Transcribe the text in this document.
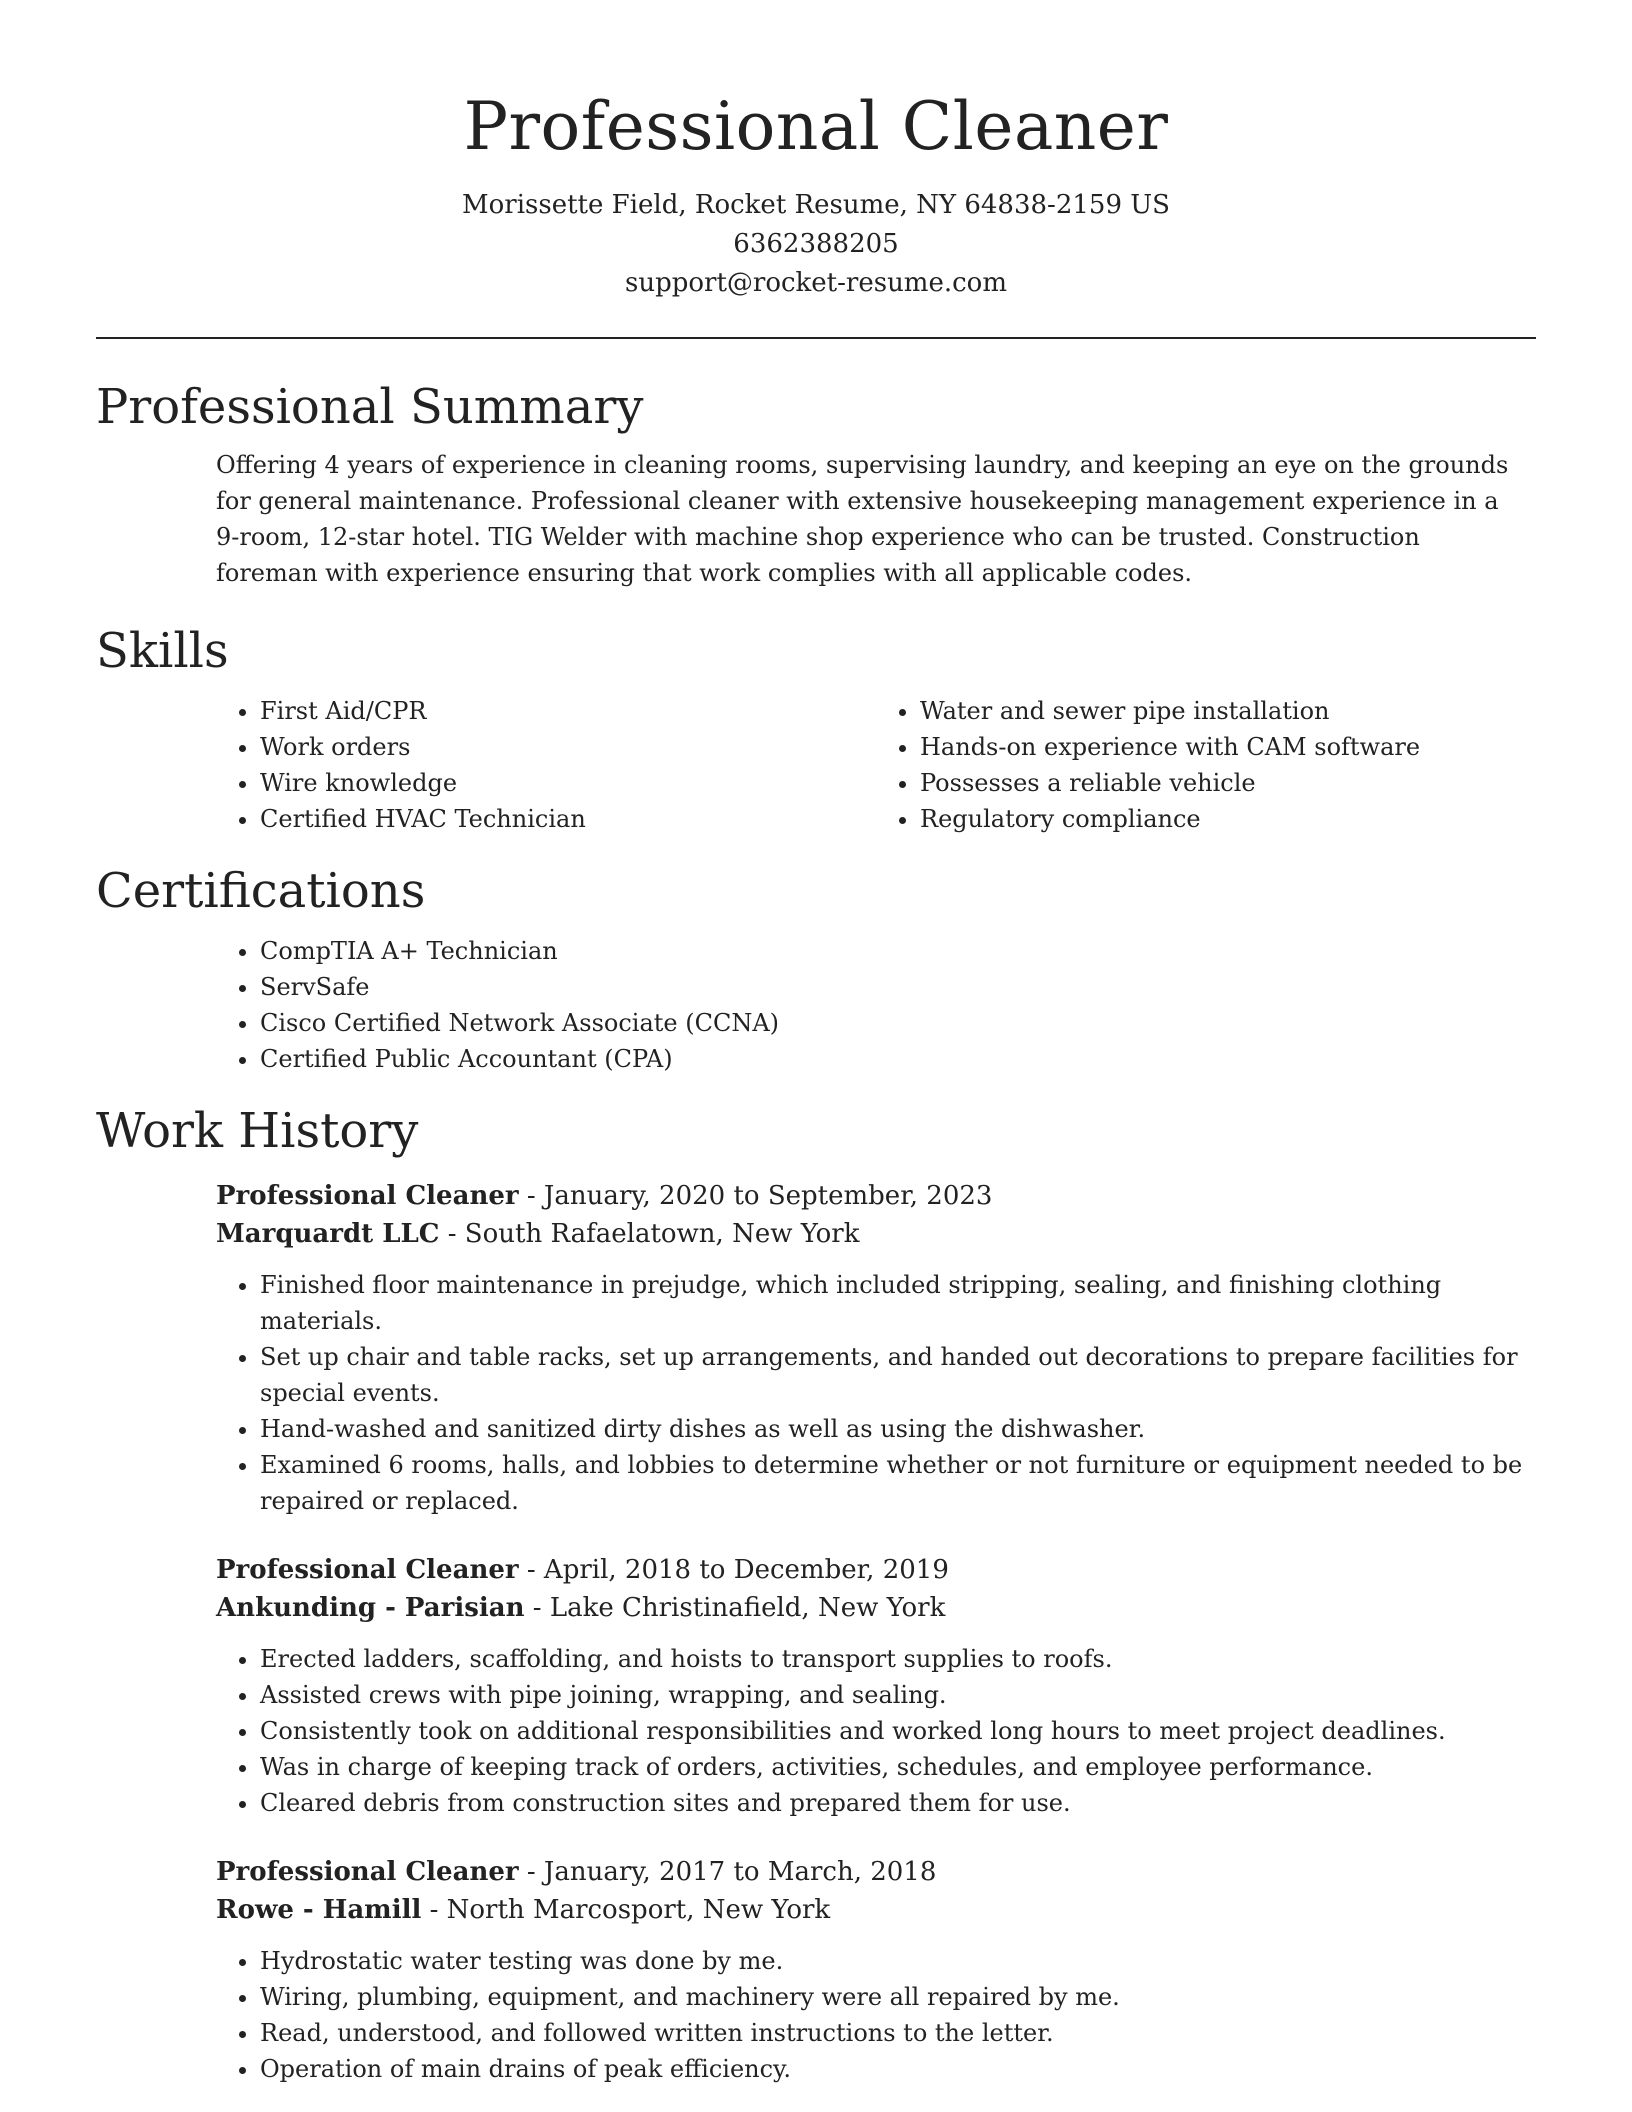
Professional Cleaner
Morissette Field, Rocket Resume, NY 64838-2159 US
6362388205
support@rocket-resume.com
Professional Summary

Offering 4 years of experience in cleaning rooms, supervising laundry, and keeping an eye on the grounds for general maintenance. Professional cleaner with extensive housekeeping management experience in a 9-room, 12-star hotel. TIG Welder with machine shop experience who can be trusted. Construction foreman with experience ensuring that work complies with all applicable codes.

Skills
• First Aid/CPR
• Work orders
• Wire knowledge
• Certified HVAC Technician
• Water and sewer pipe installation
• Hands-on experience with CAM software
• Possesses a reliable vehicle
• Regulatory compliance
Certifications
• CompTIA A+ Technician
• ServSafe
• Cisco Certified Network Associate (CCNA)
• Certified Public Accountant (CPA)
Work History
Professional Cleaner - January, 2020 to September, 2023
Marquardt LLC - South Rafaelatown, New York
• Finished floor maintenance in prejudge, which included stripping, sealing, and finishing clothing materials.
• Set up chair and table racks, set up arrangements, and handed out decorations to prepare facilities for special events.
• Hand-washed and sanitized dirty dishes as well as using the dishwasher.
• Examined 6 rooms, halls, and lobbies to determine whether or not furniture or equipment needed to be repaired or replaced.
Professional Cleaner - April, 2018 to December, 2019
Ankunding - Parisian - Lake Christinafield, New York
• Erected ladders, scaffolding, and hoists to transport supplies to roofs.
• Assisted crews with pipe joining, wrapping, and sealing.
• Consistently took on additional responsibilities and worked long hours to meet project deadlines.
• Was in charge of keeping track of orders, activities, schedules, and employee performance.
• Cleared debris from construction sites and prepared them for use.
Professional Cleaner - January, 2017 to March, 2018
Rowe - Hamill - North Marcosport, New York
• Hydrostatic water testing was done by me.
• Wiring, plumbing, equipment, and machinery were all repaired by me.
• Read, understood, and followed written instructions to the letter.
• Operation of main drains of peak efficiency.
